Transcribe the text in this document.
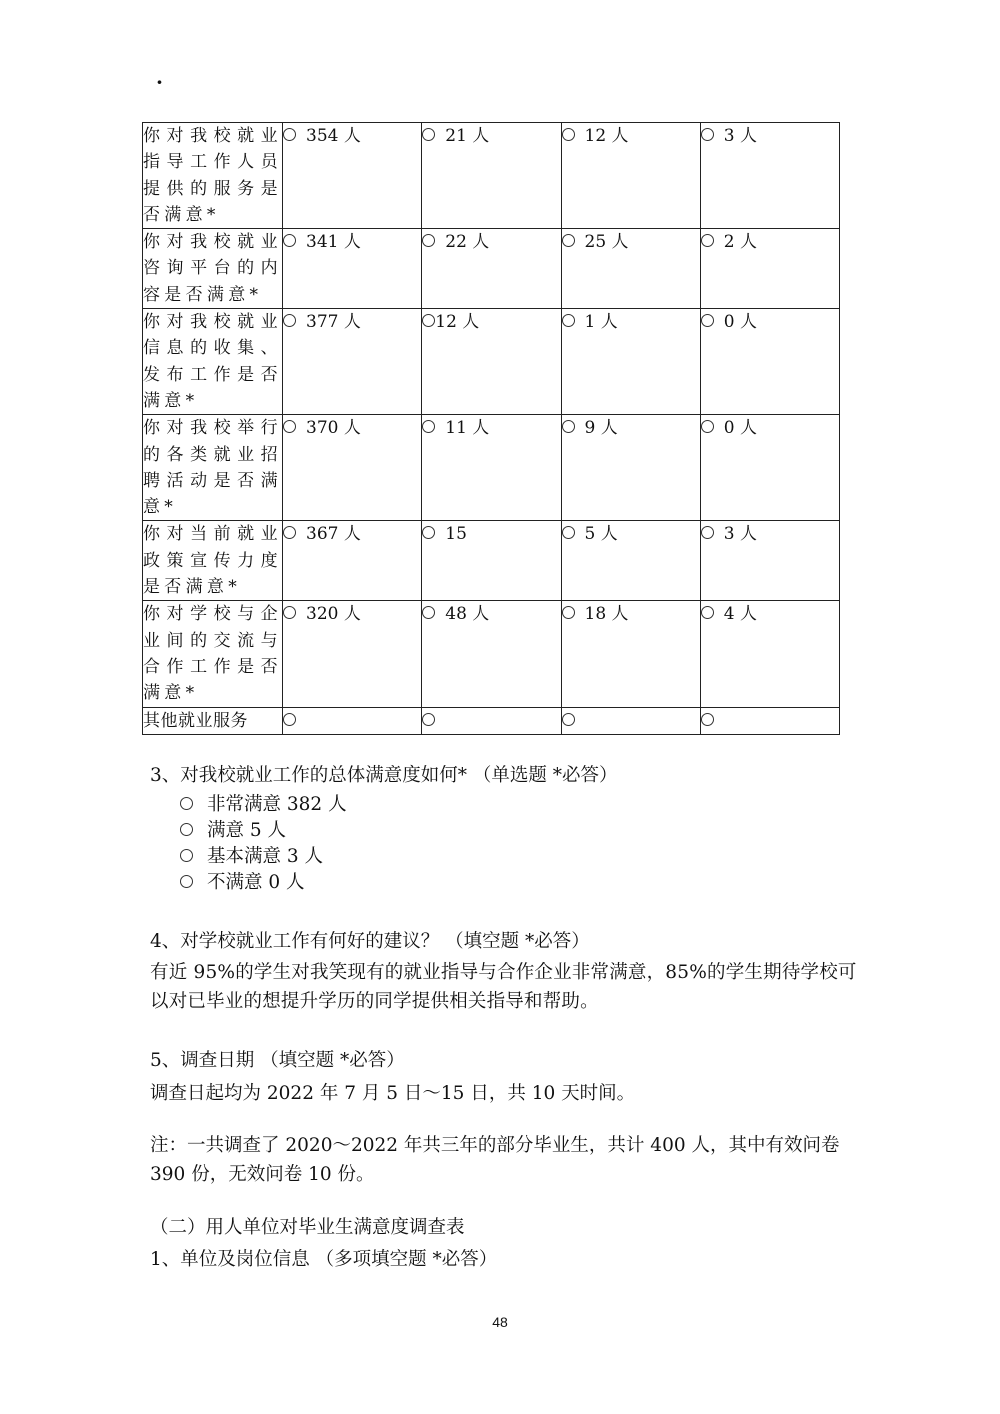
·
你对我校就业指导工作人员提供的服务是否满意*	354 人	21 人	12 人	3 人
你对我校就业咨询平台的内容是否满意*	341 人	22 人	25 人	2 人
你对我校就业信息的收集、发布工作是否满意*	377 人	12 人	1 人	0 人
你对我校举行的各类就业招聘活动是否满意*	370 人	11 人	9 人	0 人
你对当前就业政策宣传力度是否满意*	367 人	15	5 人	3 人
你对学校与企业间的交流与合作工作是否满意*	320 人	48 人	18 人	4 人
其他就业服务				
3、对我校就业工作的总体满意度如何* （单选题 *必答）
非常满意 382 人
满意 5 人
基本满意 3 人
不满意 0 人
4、对学校就业工作有何好的建议？ （填空题 *必答）
有近 95%的学生对我笑现有的就业指导与合作企业非常满意，85%的学生期待学校可以对已毕业的想提升学历的同学提供相关指导和帮助。
5、调查日期 （填空题 *必答）
调查日起均为 2022 年 7 月 5 日～15 日，共 10 天时间。
注：一共调查了 2020～2022 年共三年的部分毕业生，共计 400 人，其中有效问卷 390 份，无效问卷 10 份。
（二）用人单位对毕业生满意度调查表
1、单位及岗位信息 （多项填空题 *必答）
48
